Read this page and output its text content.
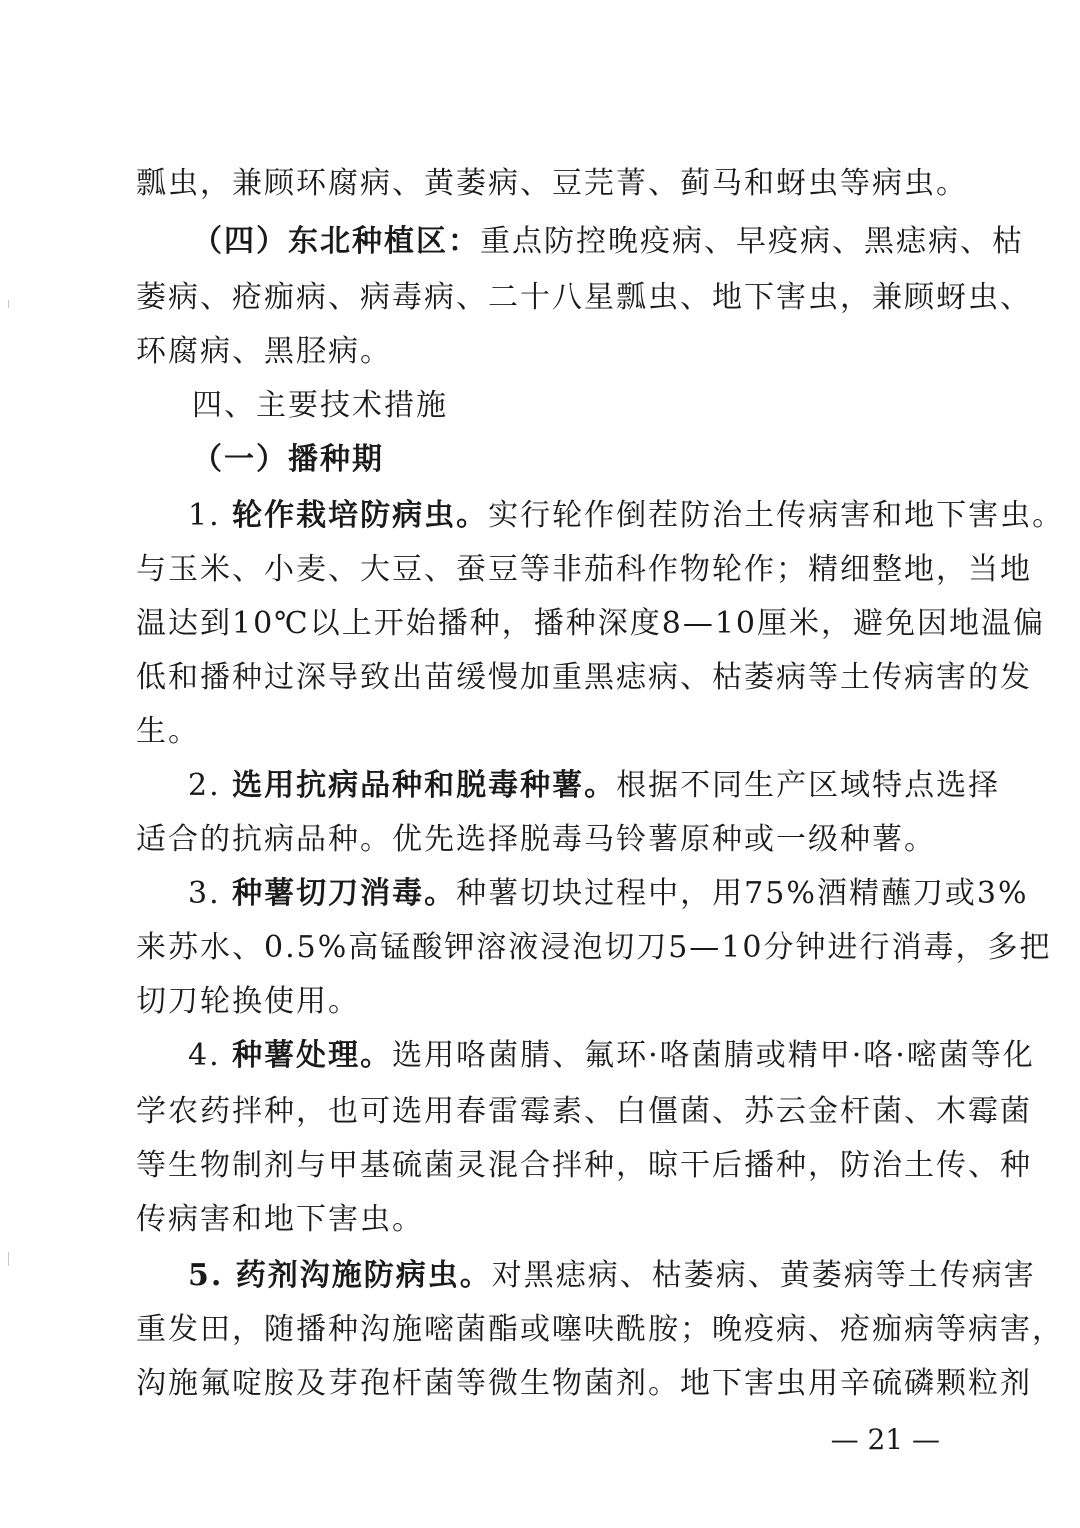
瓢虫，兼顾环腐病、黄萎病、豆芫菁、蓟马和蚜虫等病虫。
（四）东北种植区：重点防控晚疫病、早疫病、黑痣病、枯
萎病、疮痂病、病毒病、二十八星瓢虫、地下害虫，兼顾蚜虫、
环腐病、黑胫病。
四、主要技术措施
（一）播种期
1. 轮作栽培防病虫。实行轮作倒茬防治土传病害和地下害虫。
与玉米、小麦、大豆、蚕豆等非茄科作物轮作；精细整地，当地
温达到10℃以上开始播种，播种深度8—10厘米，避免因地温偏
低和播种过深导致出苗缓慢加重黑痣病、枯萎病等土传病害的发
生。
2. 选用抗病品种和脱毒种薯。根据不同生产区域特点选择
适合的抗病品种。优先选择脱毒马铃薯原种或一级种薯。
3. 种薯切刀消毒。种薯切块过程中，用75%酒精蘸刀或3%
来苏水、0.5%高锰酸钾溶液浸泡切刀5—10分钟进行消毒，多把
切刀轮换使用。
4. 种薯处理。选用咯菌腈、氟环·咯菌腈或精甲·咯·嘧菌等化
学农药拌种，也可选用春雷霉素、白僵菌、苏云金杆菌、木霉菌
等生物制剂与甲基硫菌灵混合拌种，晾干后播种，防治土传、种
传病害和地下害虫。
5. 药剂沟施防病虫。对黑痣病、枯萎病、黄萎病等土传病害
重发田，随播种沟施嘧菌酯或噻呋酰胺；晚疫病、疮痂病等病害，
沟施氟啶胺及芽孢杆菌等微生物菌剂。地下害虫用辛硫磷颗粒剂
— 21 —
